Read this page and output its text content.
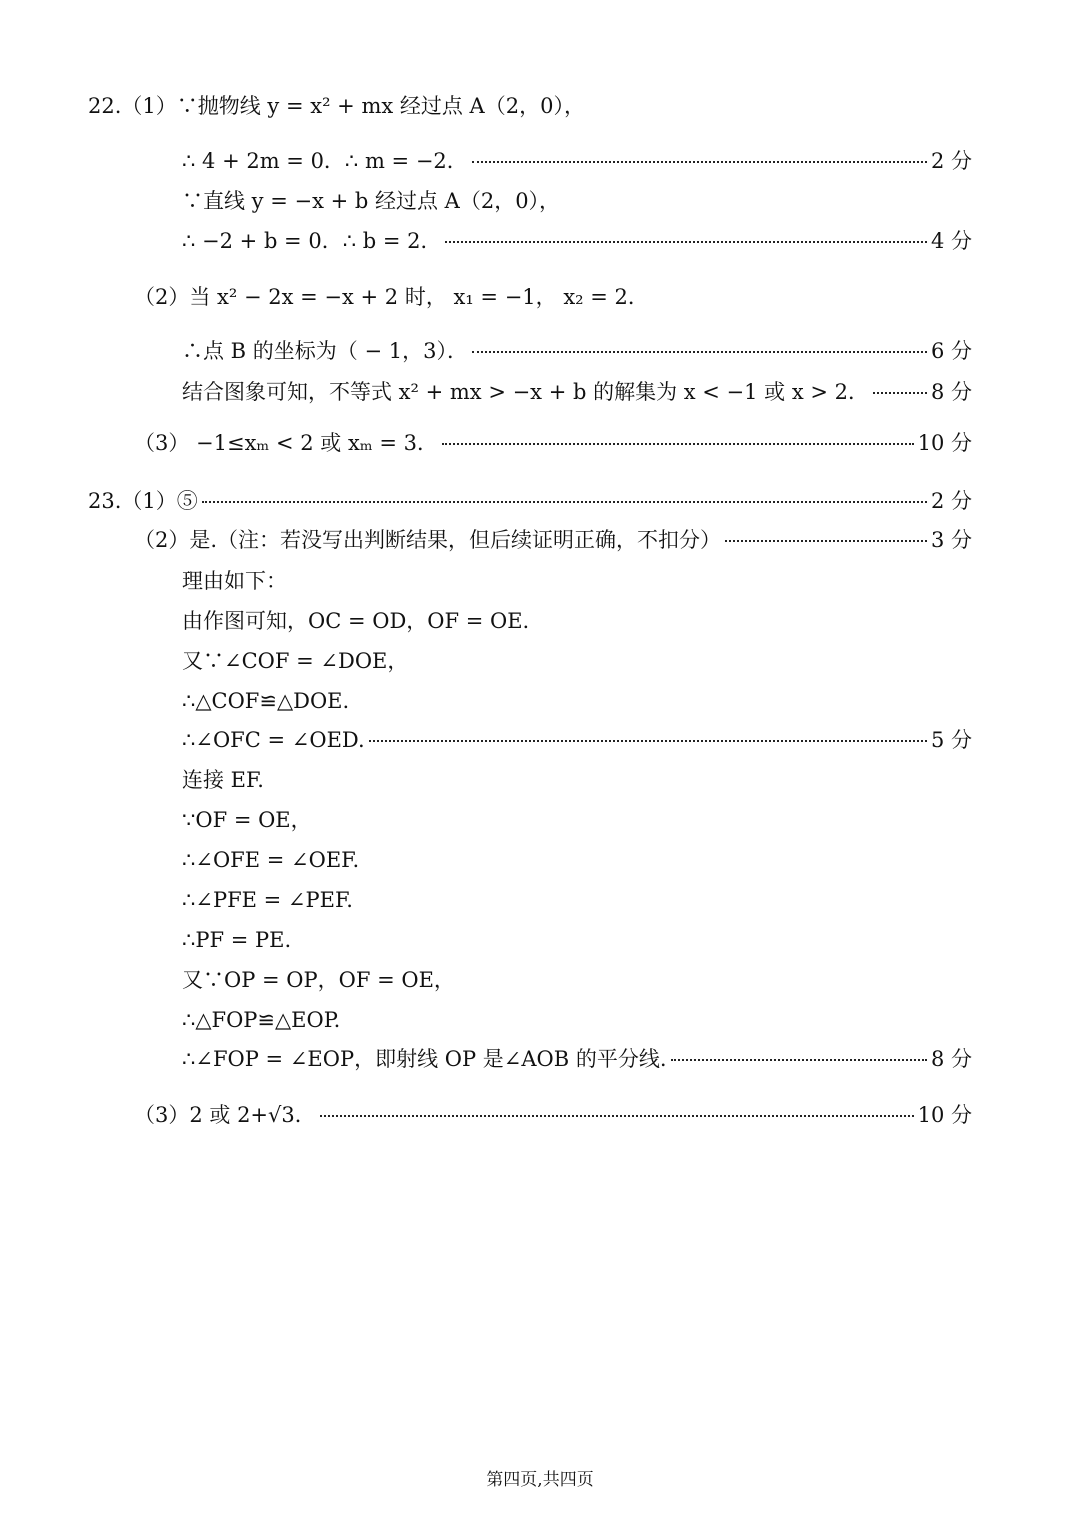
22.（1）∵抛物线 y = x² + mx 经过点 A（2，0），
∴ 4 + 2m = 0．∴ m = −2．	2 分
∵直线 y = −x + b 经过点 A（2，0），
∴ −2 + b = 0．∴ b = 2．	4 分
（2）当 x² − 2x = −x + 2 时， x₁ = −1， x₂ = 2．
∴点 B 的坐标为（ − 1，3）．	6 分
结合图象可知，不等式 x² + mx > −x + b 的解集为 x < −1 或 x > 2．	8 分
（3） −1≤xₘ < 2 或 xₘ = 3．	10 分
23.（1）⑤	2 分
（2）是.（注：若没写出判断结果，但后续证明正确，不扣分）	3 分
理由如下：
由作图可知，OC = OD，OF = OE.
又∵∠COF = ∠DOE，
∴△COF≌△DOE.
∴∠OFC = ∠OED.	5 分
连接 EF.
∵OF = OE，
∴∠OFE = ∠OEF.
∴∠PFE = ∠PEF.
∴PF = PE.
又∵OP = OP，OF = OE，
∴△FOP≌△EOP.
∴∠FOP = ∠EOP，即射线 OP 是∠AOB 的平分线.	8 分
（3）2 或 2+√3．	10 分
第四页,共四页
